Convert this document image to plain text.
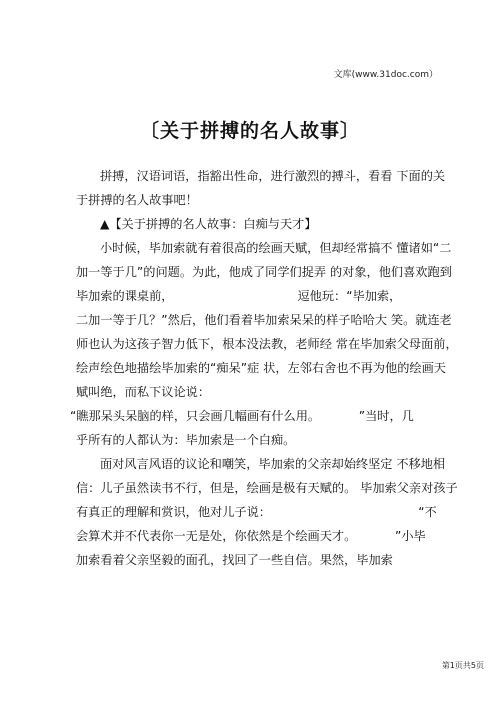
文库(www.31doc.com）
〔关于拼搏的名人故事〕
拼搏，汉语词语，指豁出性命，进行激烈的搏斗，看看 下面的关
于拼搏的名人故事吧！
▲【关于拼搏的名人故事：白痴与天才】
小时候，毕加索就有着很高的绘画天赋，但却经常搞不 懂诸如“二
加一等于几”的问题。为此，他成了同学们捉弄 的对象，他们喜欢跑到
毕加索的课桌前，                                逗他玩：“毕加索，
二加一等于几？”然后，他们看着毕加索呆呆的样子哈哈大 笑。就连老
师也认为这孩子智力低下，根本没法教，老师经 常在毕加索父母面前，
绘声绘色地描绘毕加索的“痴呆”症 状，左邻右舍也不再为他的绘画天
赋叫绝，而私下议论说：
“瞧那呆头呆脑的样，只会画几幅画有什么用。          ”当时，几
乎所有的人都认为：毕加索是一个白痴。
面对风言风语的议论和嘲笑，毕加索的父亲却始终坚定 不移地相
信：儿子虽然读书不行，但是，绘画是极有天赋的。 毕加索父亲对孩子
有真正的理解和赏识，他对儿子说：                                      “不
会算术并不代表你一无是处，你依然是个绘画天才。          ”小毕
加索看着父亲坚毅的面孔，找回了一些自信。果然，毕加索
第1页共5页
